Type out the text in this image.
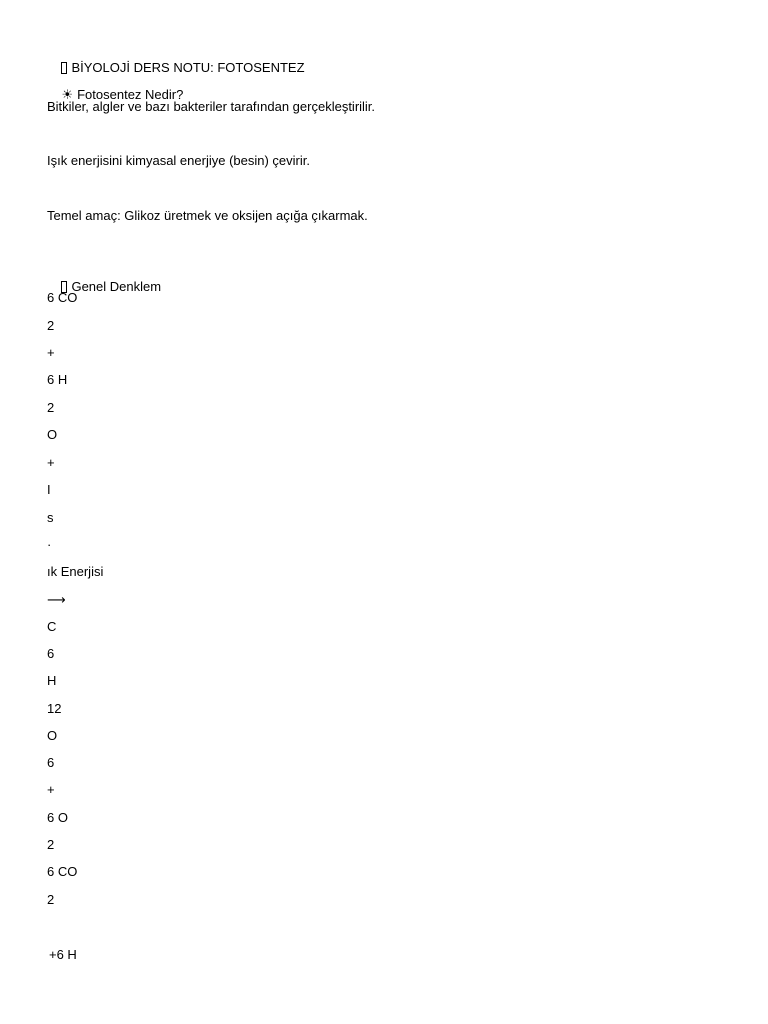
BİYOLOJİ DERS NOTU: FOTOSENTEZ

☀ Fotosentez Nedir?

Bitkiler, algler ve bazı bakteriler tarafından gerçekleştirilir.
Işık enerjisini kimyasal enerjiye (besin) çevirir.
Temel amaç: Glikoz üretmek ve oksijen açığa çıkarmak.

Genel Denklem

6 CO
2
+
6 H
2
O
+
I
s
·
ık Enerjisi
⟶
C
6
H
12
O
6
+
6 O
2
6 CO
2
+6 H
